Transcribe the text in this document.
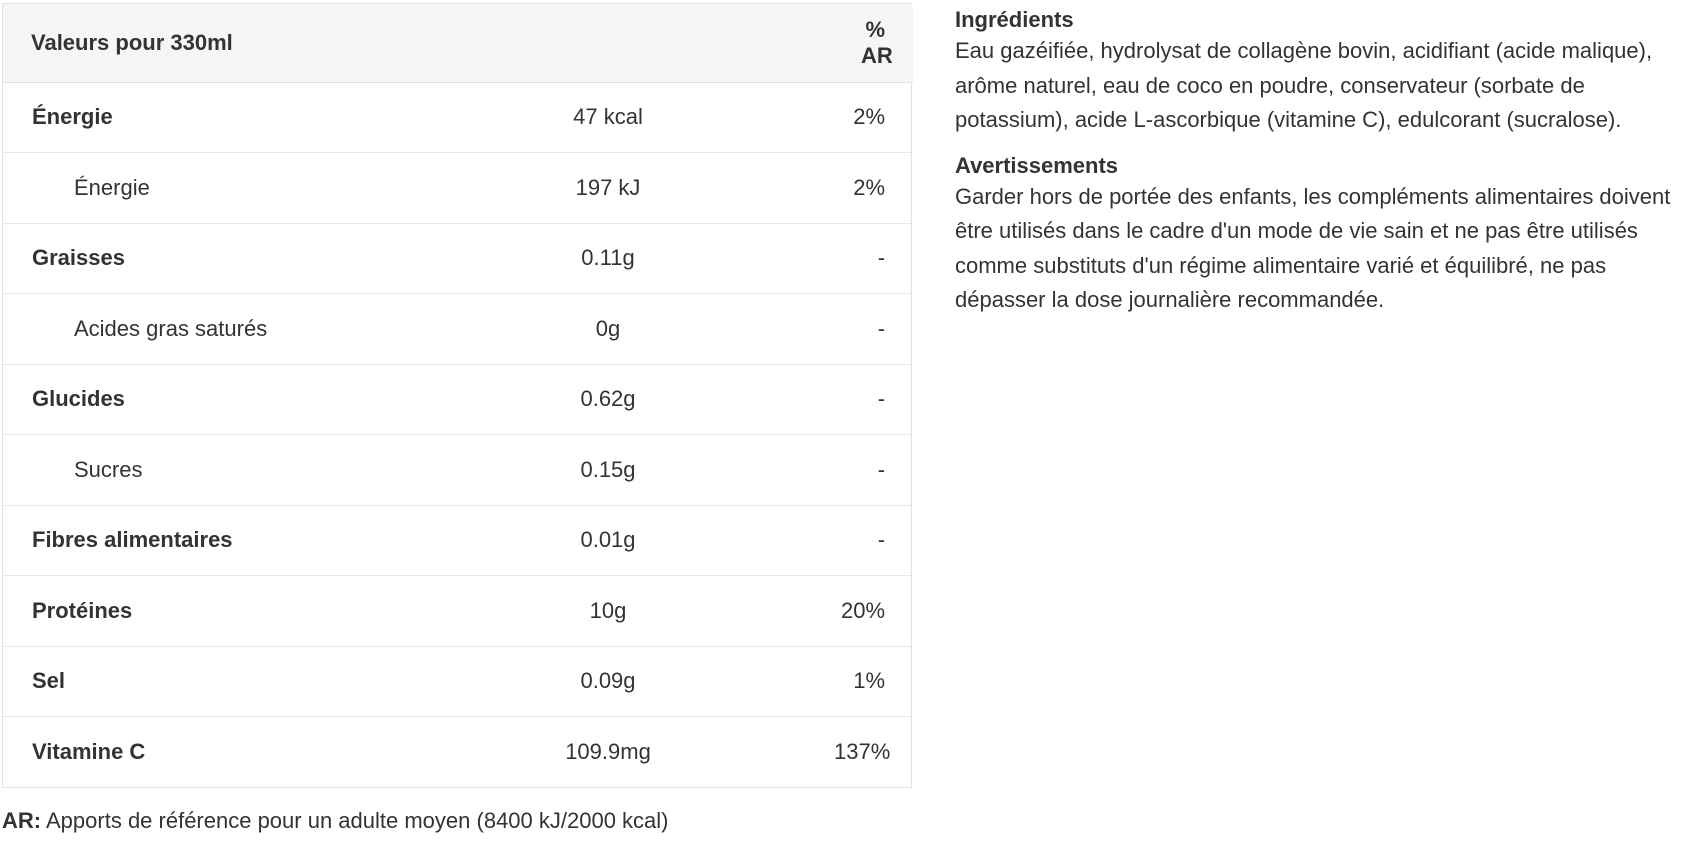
Valeurs pour 330ml		% AR
Énergie	47 kcal	2%
Énergie	197 kJ	2%
Graisses	0.11g	-
Acides gras saturés	0g	-
Glucides	0.62g	-
Sucres	0.15g	-
Fibres alimentaires	0.01g	-
Protéines	10g	20%
Sel	0.09g	1%
Vitamine C	109.9mg	137%
AR: Apports de référence pour un adulte moyen (8400 kJ/2000 kcal)
Ingrédients

Eau gazéifiée, hydrolysat de collagène bovin, acidifiant (acide malique), arôme naturel, eau de coco en poudre, conservateur (sorbate de potassium), acide L-ascorbique (vitamine C), edulcorant (sucralose).

Avertissements

Garder hors de portée des enfants, les compléments alimentaires doivent être utilisés dans le cadre d'un mode de vie sain et ne pas être utilisés comme substituts d'un régime alimentaire varié et équilibré, ne pas dépasser la dose journalière recommandée.
